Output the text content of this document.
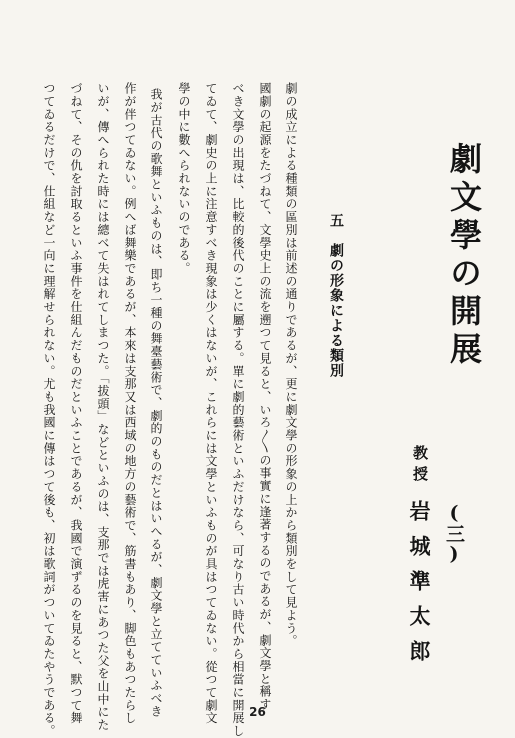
劇文學の開展
(三)
教授
岩城準太郎
五　劇の形象による類別
劇の成立による種類の區別は前述の通りであるが、更に劇文學の形象の上から類別をして見よう。
國劇の起源をたづねて、文學史上の流を遡つて見ると、いろ〳〵の事實に逢著するのであるが、劇文學と稱す
べき文學の出現は、比較的後代のことに屬する。單に劇的藝術といふだけなら、可なり古い時代から相當に開展し
てゐて、劇史の上に注意すべき現象は少くはないが、これらには文學といふものが具はつてゐない。從つて劇文
學の中に數へられないのである。
我が古代の歌舞といふものは、即ち一種の舞臺藝術で、劇的のものだとはいへるが、劇文學と立てていふべき
作が伴つてゐない。例へば舞樂であるが、本來は支那又は西域の地方の藝術で、筋書もあり、脚色もあつたらし
いが、傳へられた時には總べて失はれてしまつた。「拔頭」などといふのは、支那では虎害にあつた父を山中にた
づねて、その仇を討取るといふ事件を仕組んだものだといふことであるが、我國で演ずるのを見ると、默つて舞
つてゐるだけで、仕組など一向に理解せられない。尤も我國に傳はつて後も、初は歌詞がついてゐたやうである。	26
